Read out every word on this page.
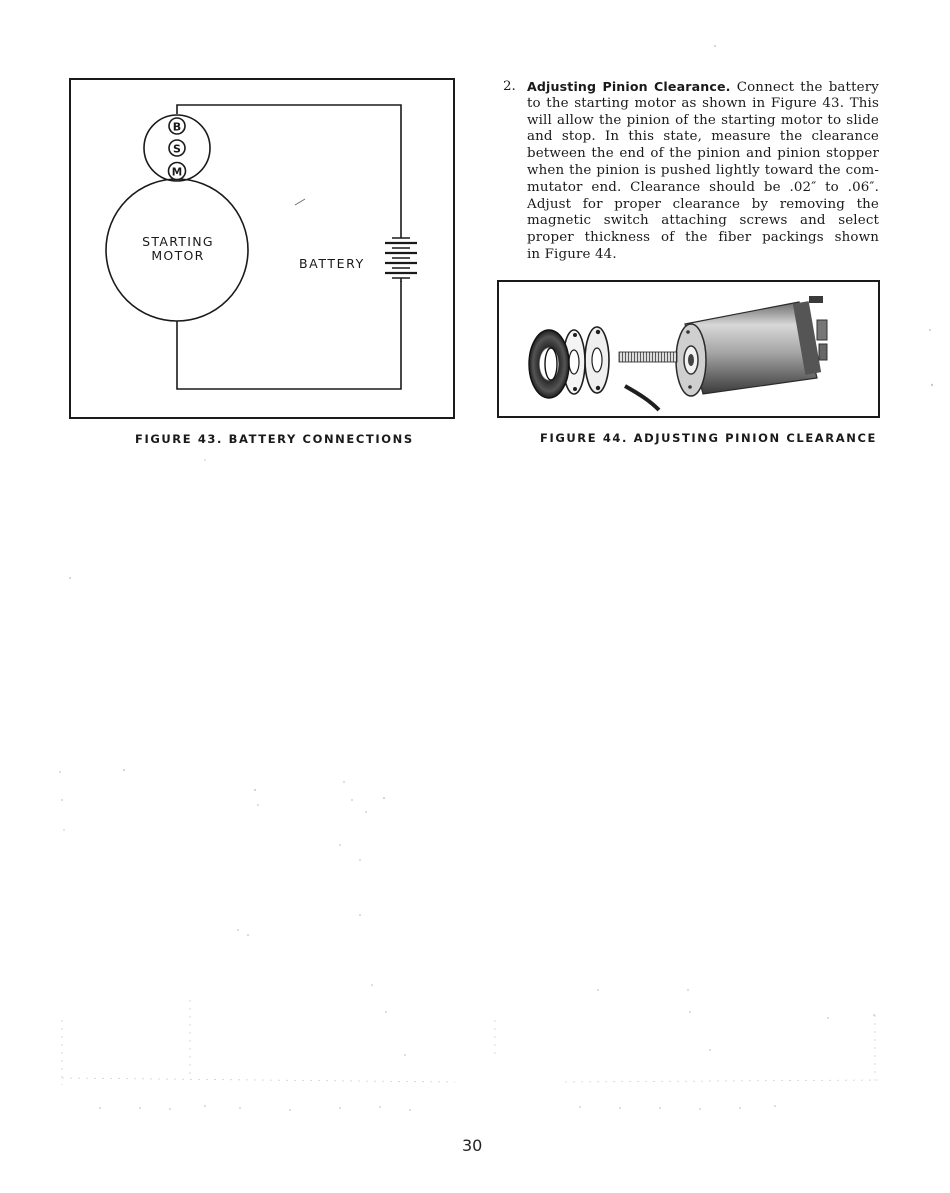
B
S
M
STARTING
MOTOR
BATTERY
FIGURE 43. BATTERY CONNECTIONS
2. Adjusting Pinion Clearance. Connect the battery
to the starting motor as shown in Figure 43. This
will allow the pinion of the starting motor to slide
and stop. In this state, measure the clearance
between the end of the pinion and pinion stopper
when the pinion is pushed lightly toward the com-
mutator end. Clearance should be .02″ to .06″.
Adjust for proper clearance by removing the
magnetic switch attaching screws and select
proper thickness of the fiber packings shown
in Figure 44.
FIGURE 44. ADJUSTING PINION CLEARANCE
30
